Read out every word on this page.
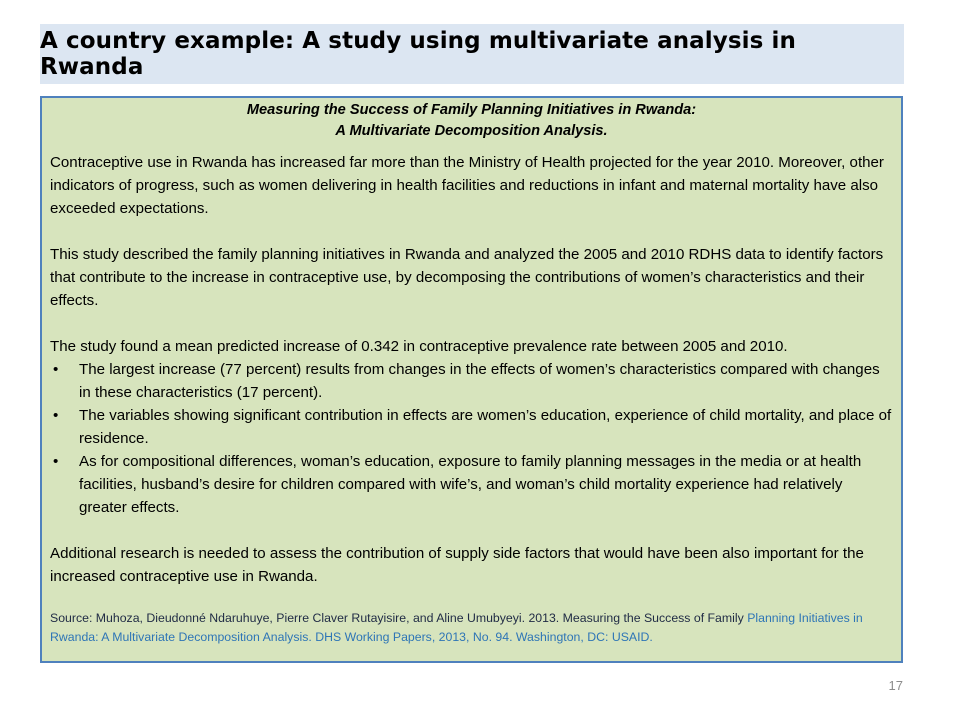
A country example: A study using multivariate analysis in Rwanda
Measuring the Success of Family Planning Initiatives in Rwanda:
A Multivariate Decomposition Analysis.

Contraceptive use in Rwanda has increased far more than the Ministry of Health projected for the year 2010. Moreover, other indicators of progress, such as women delivering in health facilities and reductions in infant and maternal mortality have also exceeded expectations.

This study described the family planning initiatives in Rwanda and analyzed the 2005 and 2010 RDHS data to identify factors that contribute to the increase in contraceptive use, by decomposing the contributions of women’s characteristics and their effects.

The study found a mean predicted increase of 0.342 in contraceptive prevalence rate between 2005 and 2010.

• The largest increase (77 percent) results from changes in the effects of women’s characteristics compared with changes in these characteristics (17 percent).
• The variables showing significant contribution in effects are women’s education, experience of child mortality, and place of residence.
• As for compositional differences, woman’s education, exposure to family planning messages in the media or at health facilities, husband’s desire for children compared with wife’s, and woman’s child mortality experience had relatively greater effects.

Additional research is needed to assess the contribution of supply side factors that would have been also important for the increased contraceptive use in Rwanda.

Source: Muhoza, Dieudonné Ndaruhuye, Pierre Claver Rutayisire, and Aline Umubyeyi. 2013. Measuring the Success of Family Planning Initiatives in Rwanda: A Multivariate Decomposition Analysis. DHS Working Papers, 2013, No. 94. Washington, DC: USAID.
17
